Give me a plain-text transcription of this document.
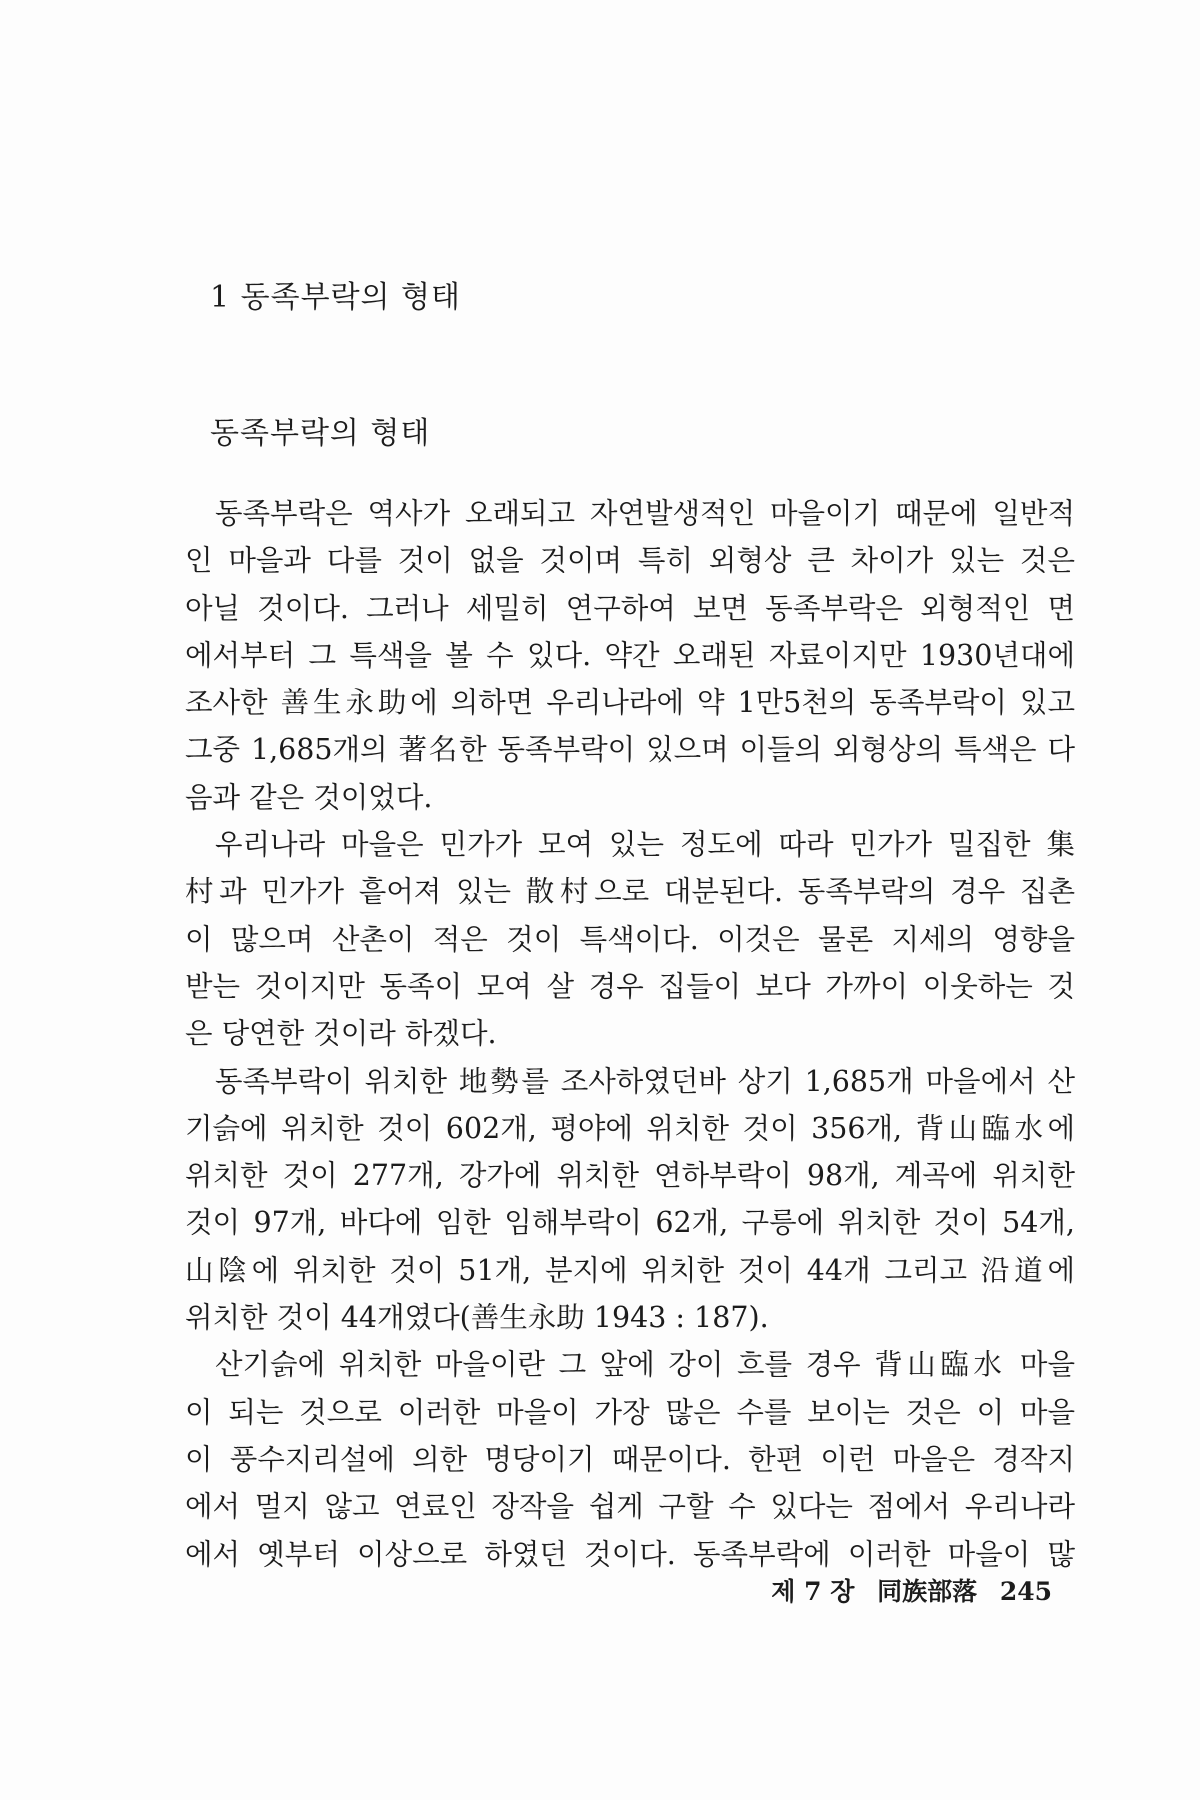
1 동족부락의 형태
동족부락의 형태
동족부락은 역사가 오래되고 자연발생적인 마을이기 때문에 일반적
인 마을과 다를 것이 없을 것이며 특히 외형상 큰 차이가 있는 것은
아닐 것이다. 그러나 세밀히 연구하여 보면 동족부락은 외형적인 면
에서부터 그 특색을 볼 수 있다. 약간 오래된 자료이지만 1930년대에
조사한 善生永助에 의하면 우리나라에 약 1만5천의 동족부락이 있고
그중 1,685개의 著名한 동족부락이 있으며 이들의 외형상의 특색은 다
음과 같은 것이었다.
우리나라 마을은 민가가 모여 있는 정도에 따라 민가가 밀집한 集
村과 민가가 흩어져 있는 散村으로 대분된다. 동족부락의 경우 집촌
이 많으며 산촌이 적은 것이 특색이다. 이것은 물론 지세의 영향을
받는 것이지만 동족이 모여 살 경우 집들이 보다 가까이 이웃하는 것
은 당연한 것이라 하겠다.
동족부락이 위치한 地勢를 조사하였던바 상기 1,685개 마을에서 산
기슭에 위치한 것이 602개, 평야에 위치한 것이 356개, 背山臨水에
위치한 것이 277개, 강가에 위치한 연하부락이 98개, 계곡에 위치한
것이 97개, 바다에 임한 임해부락이 62개, 구릉에 위치한 것이 54개,
山陰에 위치한 것이 51개, 분지에 위치한 것이 44개 그리고 沿道에
위치한 것이 44개였다(善生永助 1943 : 187).
산기슭에 위치한 마을이란 그 앞에 강이 흐를 경우 背山臨水 마을
이 되는 것으로 이러한 마을이 가장 많은 수를 보이는 것은 이 마을
이 풍수지리설에 의한 명당이기 때문이다. 한편 이런 마을은 경작지
에서 멀지 않고 연료인 장작을 쉽게 구할 수 있다는 점에서 우리나라
에서 옛부터 이상으로 하였던 것이다. 동족부락에 이러한 마을이 많
제 7 장 同族部落 245
